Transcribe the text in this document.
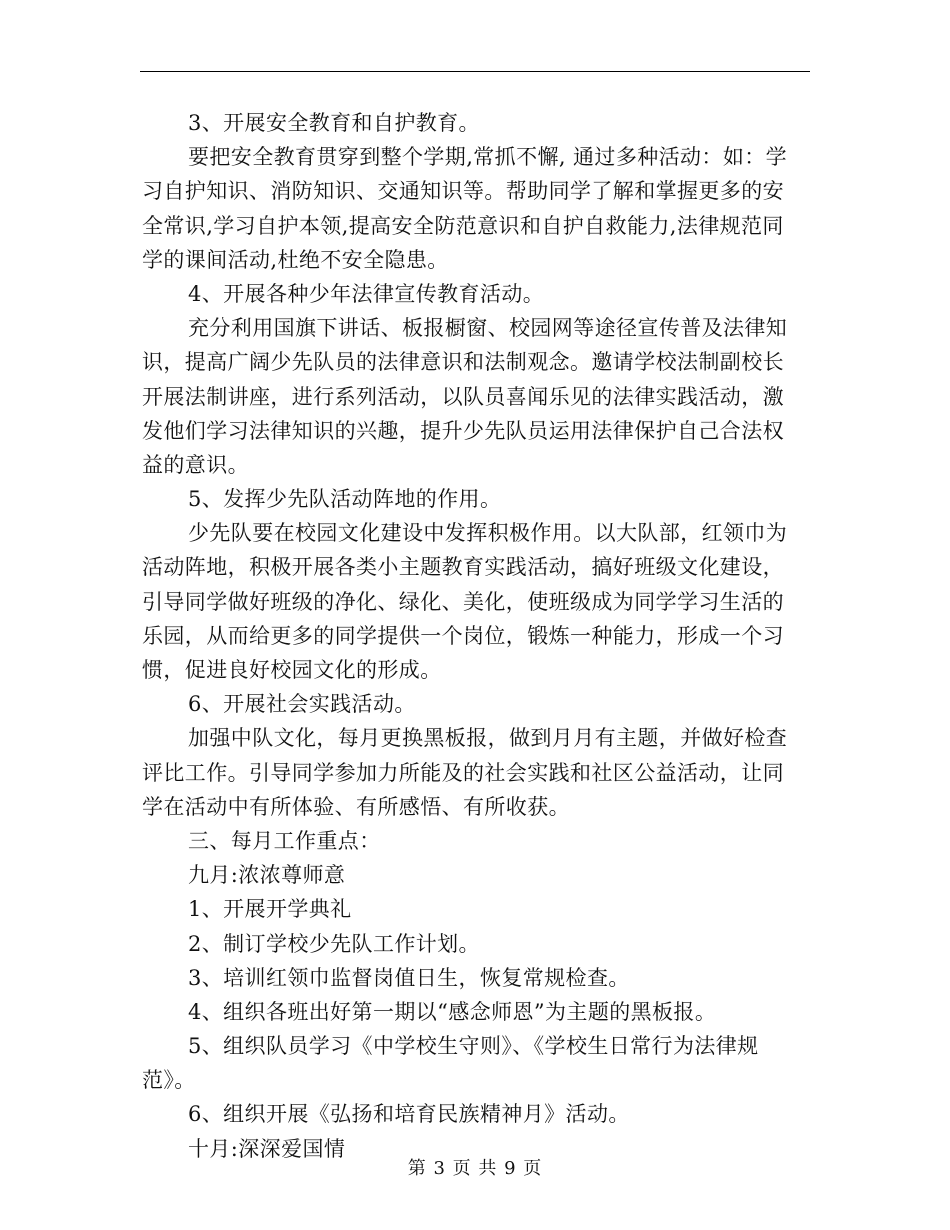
3、开展安全教育和自护教育。
要把安全教育贯穿到整个学期,常抓不懈, 通过多种活动：如：学
习自护知识、消防知识、交通知识等。帮助同学了解和掌握更多的安
全常识,学习自护本领,提高安全防范意识和自护自救能力,法律规范同
学的课间活动,杜绝不安全隐患。
4、开展各种少年法律宣传教育活动。
充分利用国旗下讲话、板报橱窗、校园网等途径宣传普及法律知
识，提高广阔少先队员的法律意识和法制观念。邀请学校法制副校长
开展法制讲座，进行系列活动，以队员喜闻乐见的法律实践活动，激
发他们学习法律知识的兴趣，提升少先队员运用法律保护自己合法权
益的意识。
5、发挥少先队活动阵地的作用。
少先队要在校园文化建设中发挥积极作用。以大队部，红领巾为
活动阵地，积极开展各类小主题教育实践活动，搞好班级文化建设，
引导同学做好班级的净化、绿化、美化，使班级成为同学学习生活的
乐园，从而给更多的同学提供一个岗位，锻炼一种能力，形成一个习
惯，促进良好校园文化的形成。
6、开展社会实践活动。
加强中队文化，每月更换黑板报，做到月月有主题，并做好检查
评比工作。引导同学参加力所能及的社会实践和社区公益活动，让同
学在活动中有所体验、有所感悟、有所收获。
三、每月工作重点：
九月:浓浓尊师意
1、开展开学典礼
2、制订学校少先队工作计划。
3、培训红领巾监督岗值日生，恢复常规检查。
4、组织各班出好第一期以“感念师恩”为主题的黑板报。
5、组织队员学习《中学校生守则》、《学校生日常行为法律规
范》。
6、组织开展《弘扬和培育民族精神月》活动。
十月:深深爱国情
第 3 页 共 9 页
